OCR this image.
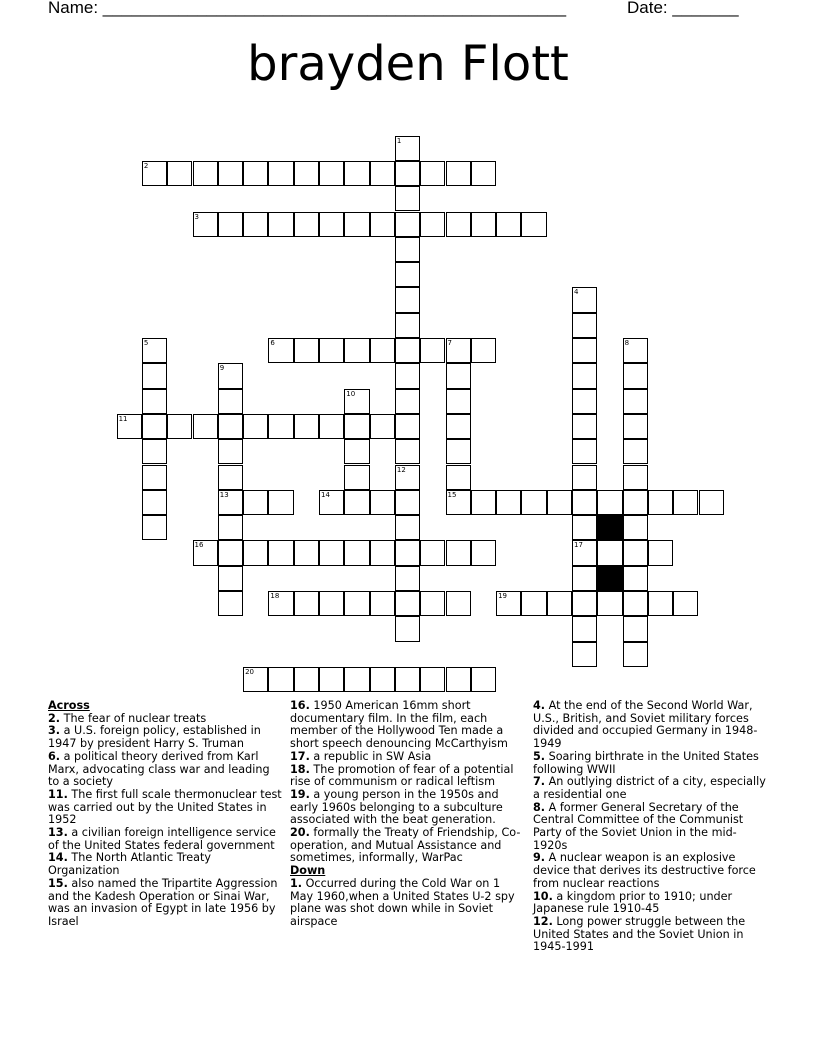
Name: _________________________________________________	Date: _______
brayden Flott
1
12
2
3
4
17
5	6	7
15
8
9
13
10
11
14
16
18	19
20

Across

2. The fear of nuclear treats

3. a U.S. foreign policy, established in 1947 by president Harry S. Truman

6. a political theory derived from Karl Marx, advocating class war and leading to a society

11. The first full scale thermonuclear test was carried out by the United States in 1952

13. a civilian foreign intelligence service of the United States federal government

14. The North Atlantic Treaty Organization

15. also named the Tripartite Aggression and the Kadesh Operation or Sinai War, was an invasion of Egypt in late 1956 by Israel

16. 1950 American 16mm short documentary film. In the film, each member of the Hollywood Ten made a short speech denouncing McCarthyism

17. a republic in SW Asia

18. The promotion of fear of a potential rise of communism or radical leftism

19. a young person in the 1950s and early 1960s belonging to a subculture associated with the beat generation.

20. formally the Treaty of Friendship, Co-operation, and Mutual Assistance and sometimes, informally, WarPac

Down

1. Occurred during the Cold War on 1 May 1960,when a United States U-2 spy plane was shot down while in Soviet airspace

4. At the end of the Second World War, U.S., British, and Soviet military forces divided and occupied Germany in 1948-1949

5. Soaring birthrate in the United States following WWII

7. An outlying district of a city, especially a residential one

8. A former General Secretary of the Central Committee of the Communist Party of the Soviet Union in the mid-1920s

9. A nuclear weapon is an explosive device that derives its destructive force from nuclear reactions

10. a kingdom prior to 1910; under Japanese rule 1910-45

12. Long power struggle between the United States and the Soviet Union in 1945-1991
